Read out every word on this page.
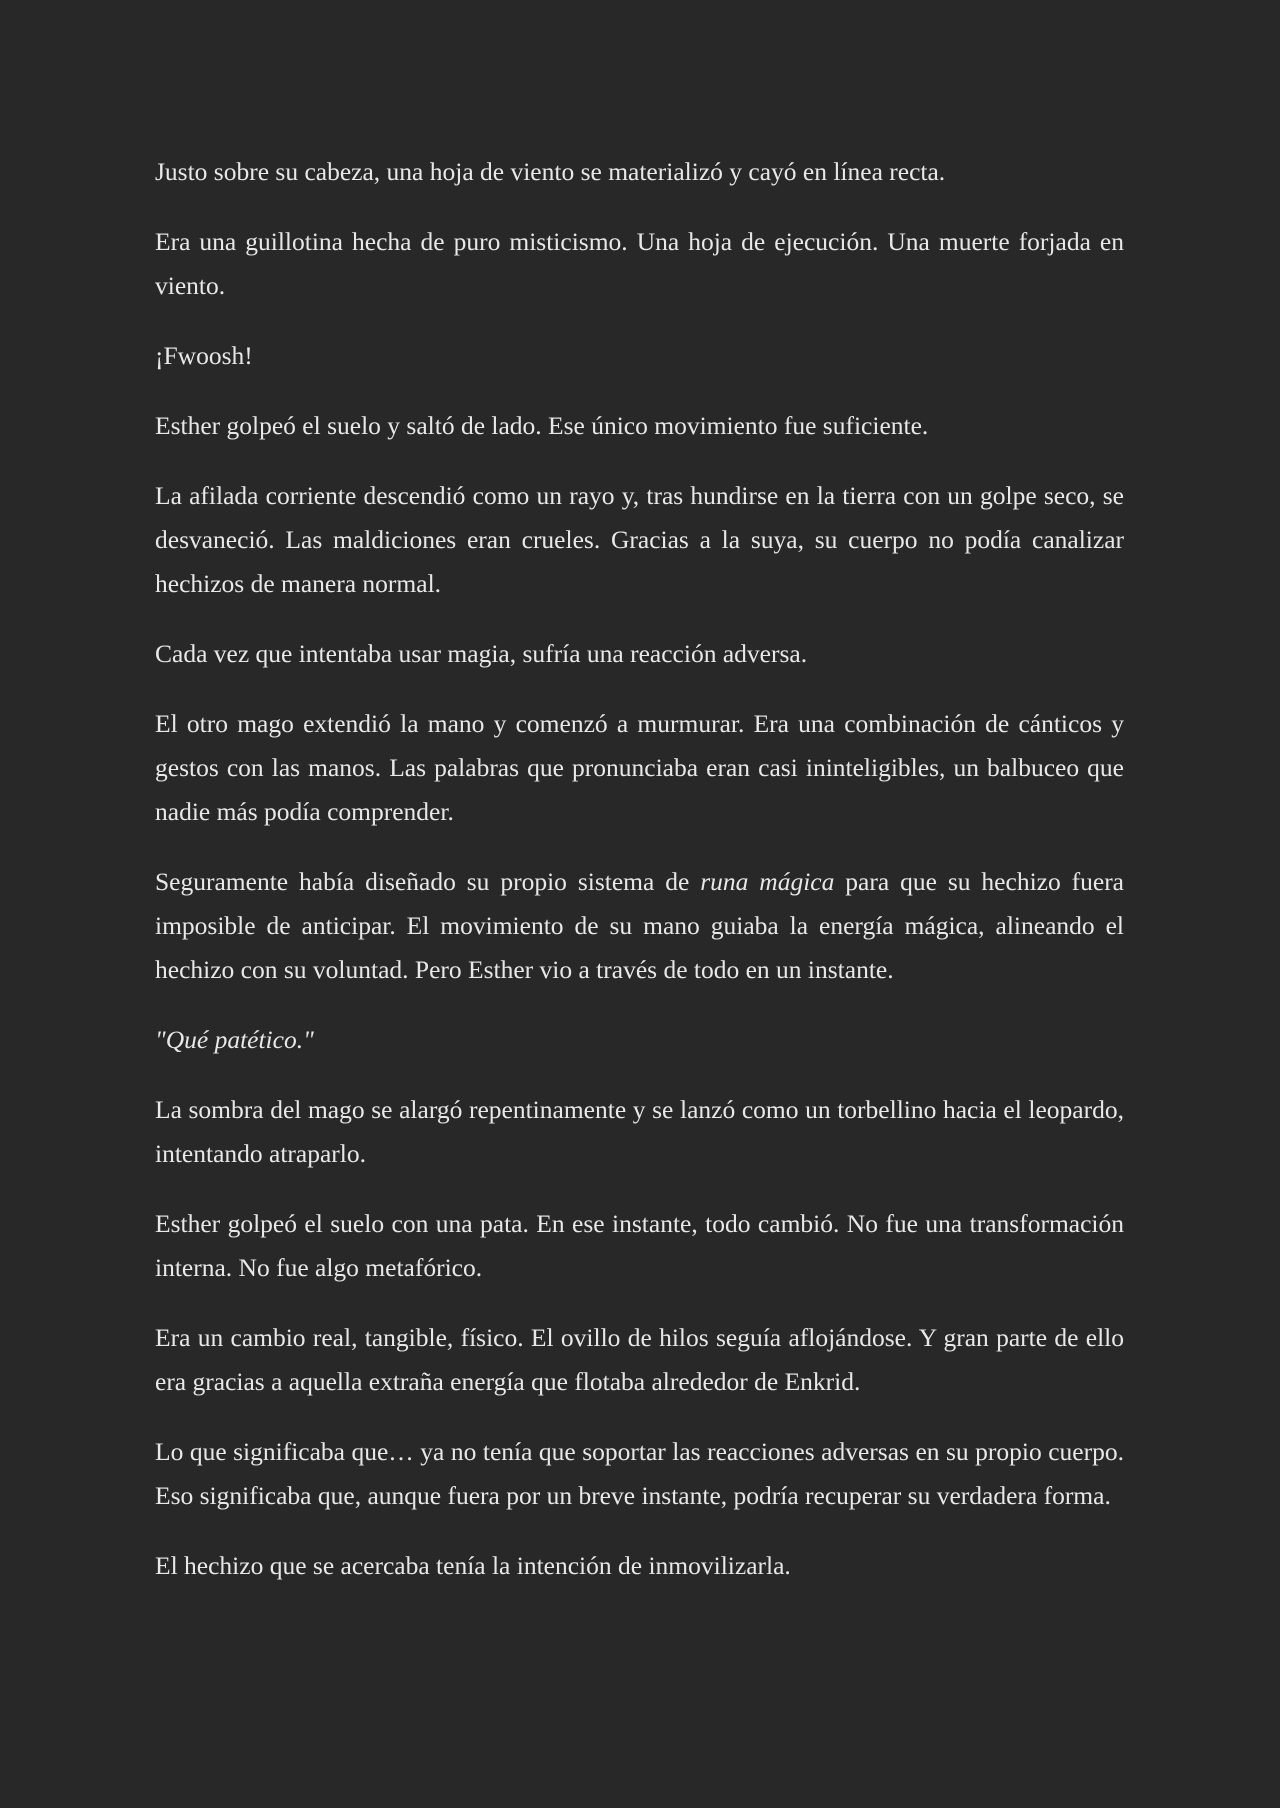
Justo sobre su cabeza, una hoja de viento se materializó y cayó en línea recta.

Era una guillotina hecha de puro misticismo. Una hoja de ejecución. Una muerte forjada en viento.

¡Fwoosh!

Esther golpeó el suelo y saltó de lado. Ese único movimiento fue suficiente.

La afilada corriente descendió como un rayo y, tras hundirse en la tierra con un golpe seco, se desvaneció. Las maldiciones eran crueles. Gracias a la suya, su cuerpo no podía canalizar hechizos de manera normal.

Cada vez que intentaba usar magia, sufría una reacción adversa.

El otro mago extendió la mano y comenzó a murmurar. Era una combinación de cánticos y gestos con las manos. Las palabras que pronunciaba eran casi ininteligibles, un balbuceo que nadie más podía comprender.

Seguramente había diseñado su propio sistema de runa mágica para que su hechizo fuera imposible de anticipar. El movimiento de su mano guiaba la energía mágica, alineando el hechizo con su voluntad. Pero Esther vio a través de todo en un instante.

"Qué patético."

La sombra del mago se alargó repentinamente y se lanzó como un torbellino hacia el leopardo, intentando atraparlo.

Esther golpeó el suelo con una pata. En ese instante, todo cambió. No fue una transformación interna. No fue algo metafórico.

Era un cambio real, tangible, físico. El ovillo de hilos seguía aflojándose. Y gran parte de ello era gracias a aquella extraña energía que flotaba alrededor de Enkrid.

Lo que significaba que… ya no tenía que soportar las reacciones adversas en su propio cuerpo. Eso significaba que, aunque fuera por un breve instante, podría recuperar su verdadera forma.

El hechizo que se acercaba tenía la intención de inmovilizarla.
